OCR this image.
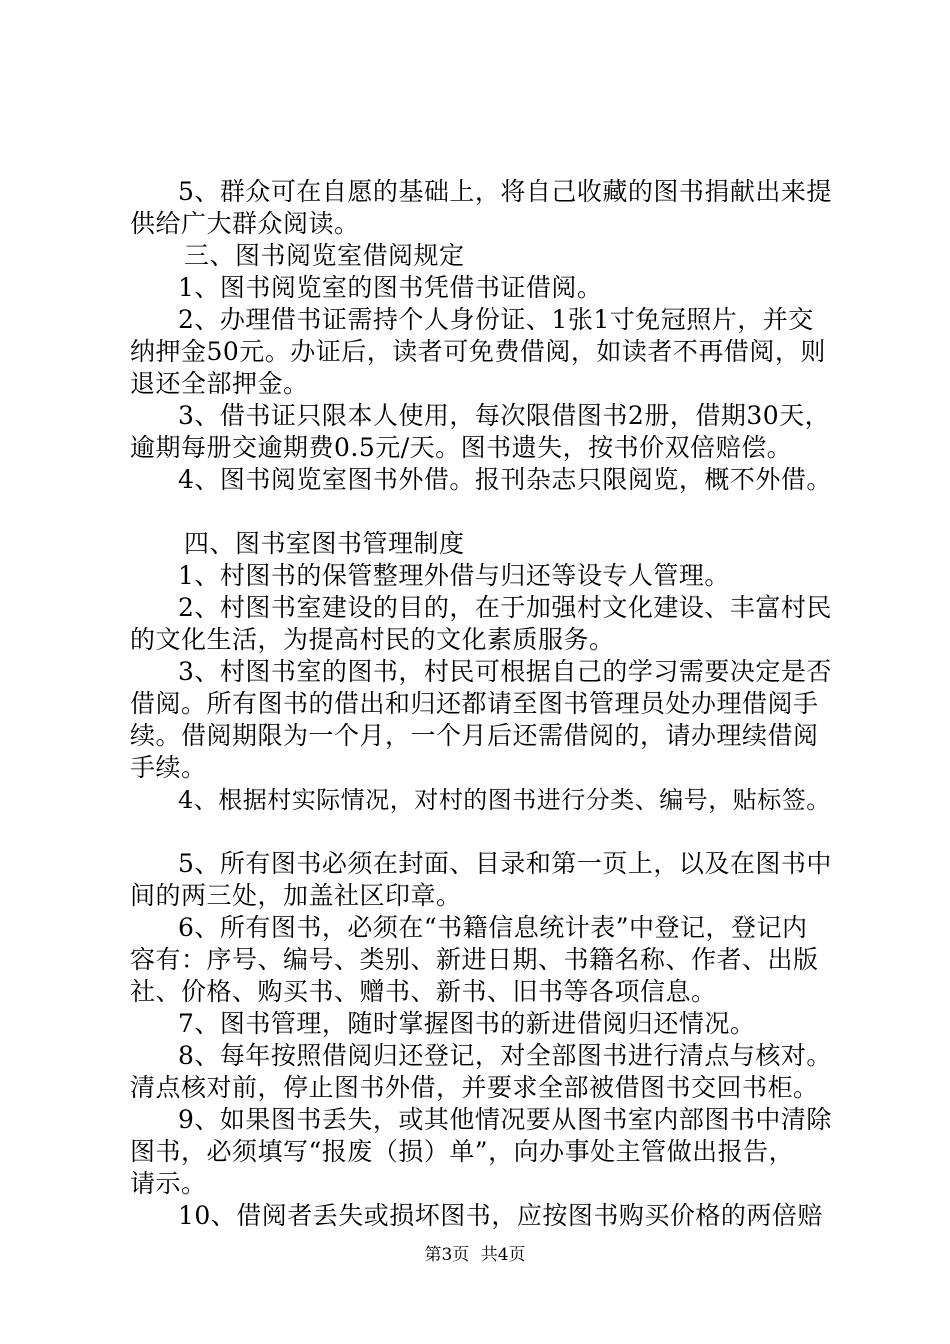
5、群众可在自愿的基础上，将自己收藏的图书捐献出来提
供给广大群众阅读。
三、图书阅览室借阅规定
1、图书阅览室的图书凭借书证借阅。
2、办理借书证需持个人身份证、1张1寸免冠照片，并交
纳押金50元。办证后，读者可免费借阅，如读者不再借阅，则
退还全部押金。
3、借书证只限本人使用，每次限借图书2册，借期30天，
逾期每册交逾期费0.5元/天。图书遗失，按书价双倍赔偿。
4、图书阅览室图书外借。报刊杂志只限阅览，概不外借。
四、图书室图书管理制度
1、村图书的保管整理外借与归还等设专人管理。
2、村图书室建设的目的，在于加强村文化建设、丰富村民
的文化生活，为提高村民的文化素质服务。
3、村图书室的图书，村民可根据自己的学习需要决定是否
借阅。所有图书的借出和归还都请至图书管理员处办理借阅手
续。借阅期限为一个月，一个月后还需借阅的，请办理续借阅
手续。
4、根据村实际情况，对村的图书进行分类、编号，贴标签。
5、所有图书必须在封面、目录和第一页上，以及在图书中
间的两三处，加盖社区印章。
6、所有图书，必须在“书籍信息统计表”中登记，登记内
容有：序号、编号、类别、新进日期、书籍名称、作者、出版
社、价格、购买书、赠书、新书、旧书等各项信息。
7、图书管理，随时掌握图书的新进借阅归还情况。
8、每年按照借阅归还登记，对全部图书进行清点与核对。
清点核对前，停止图书外借，并要求全部被借图书交回书柜。
9、如果图书丢失，或其他情况要从图书室内部图书中清除
图书，必须填写“报废（损）单”，向办事处主管做出报告，
请示。
10、借阅者丢失或损坏图书，应按图书购买价格的两倍赔
第3页 共4页
